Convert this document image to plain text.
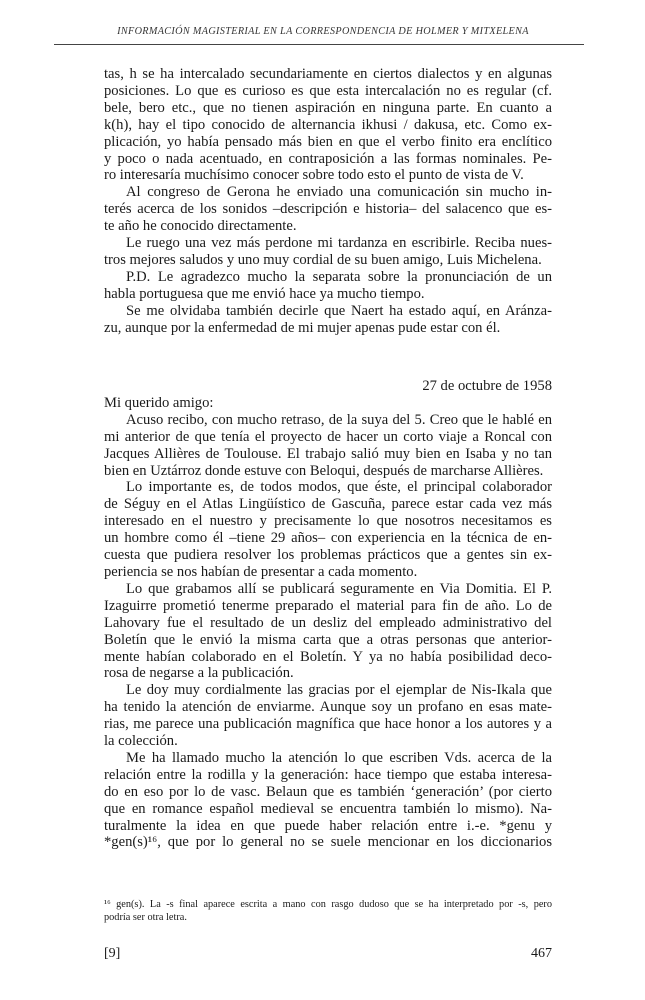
INFORMACIÓN MAGISTERIAL EN LA CORRESPONDENCIA DE HOLMER Y MITXELENA
tas, h se ha intercalado secundariamente en ciertos dialectos y en algunas
posiciones. Lo que es curioso es que esta intercalación no es regular (cf.
bele, bero etc., que no tienen aspiración en ninguna parte. En cuanto a
k(h), hay el tipo conocido de alternancia ikhusi / dakusa, etc. Como ex-
plicación, yo había pensado más bien en que el verbo finito era enclítico
y poco o nada acentuado, en contraposición a las formas nominales. Pe-
ro interesaría muchísimo conocer sobre todo esto el punto de vista de V.
Al congreso de Gerona he enviado una comunicación sin mucho in-
terés acerca de los sonidos –descripción e historia– del salacenco que es-
te año he conocido directamente.
Le ruego una vez más perdone mi tardanza en escribirle. Reciba nues-
tros mejores saludos y uno muy cordial de su buen amigo, Luis Michelena.
P.D. Le agradezco mucho la separata sobre la pronunciación de un
habla portuguesa que me envió hace ya mucho tiempo.
Se me olvidaba también decirle que Naert ha estado aquí, en Aránza-
zu, aunque por la enfermedad de mi mujer apenas pude estar con él.
27 de octubre de 1958
Mi querido amigo:
Acuso recibo, con mucho retraso, de la suya del 5. Creo que le hablé en
mi anterior de que tenía el proyecto de hacer un corto viaje a Roncal con
Jacques Allières de Toulouse. El trabajo salió muy bien en Isaba y no tan
bien en Uztárroz donde estuve con Beloqui, después de marcharse Allières.
Lo importante es, de todos modos, que éste, el principal colaborador
de Séguy en el Atlas Lingüístico de Gascuña, parece estar cada vez más
interesado en el nuestro y precisamente lo que nosotros necesitamos es
un hombre como él –tiene 29 años– con experiencia en la técnica de en-
cuesta que pudiera resolver los problemas prácticos que a gentes sin ex-
periencia se nos habían de presentar a cada momento.
Lo que grabamos allí se publicará seguramente en Via Domitia. El P.
Izaguirre prometió tenerme preparado el material para fin de año. Lo de
Lahovary fue el resultado de un desliz del empleado administrativo del
Boletín que le envió la misma carta que a otras personas que anterior-
mente habían colaborado en el Boletín. Y ya no había posibilidad deco-
rosa de negarse a la publicación.
Le doy muy cordialmente las gracias por el ejemplar de Nis-Ikala que
ha tenido la atención de enviarme. Aunque soy un profano en esas mate-
rias, me parece una publicación magnífica que hace honor a los autores y a
la colección.
Me ha llamado mucho la atención lo que escriben Vds. acerca de la
relación entre la rodilla y la generación: hace tiempo que estaba interesa-
do en eso por lo de vasc. Belaun que es también ‘generación’ (por cierto
que en romance español medieval se encuentra también lo mismo). Na-
turalmente la idea en que puede haber relación entre i.-e. *genu y
*gen(s)¹⁶, que por lo general no se suele mencionar en los diccionarios
¹⁶ gen(s). La -s final aparece escrita a mano con rasgo dudoso que se ha interpretado por -s, pero
podría ser otra letra.
[9]	467
